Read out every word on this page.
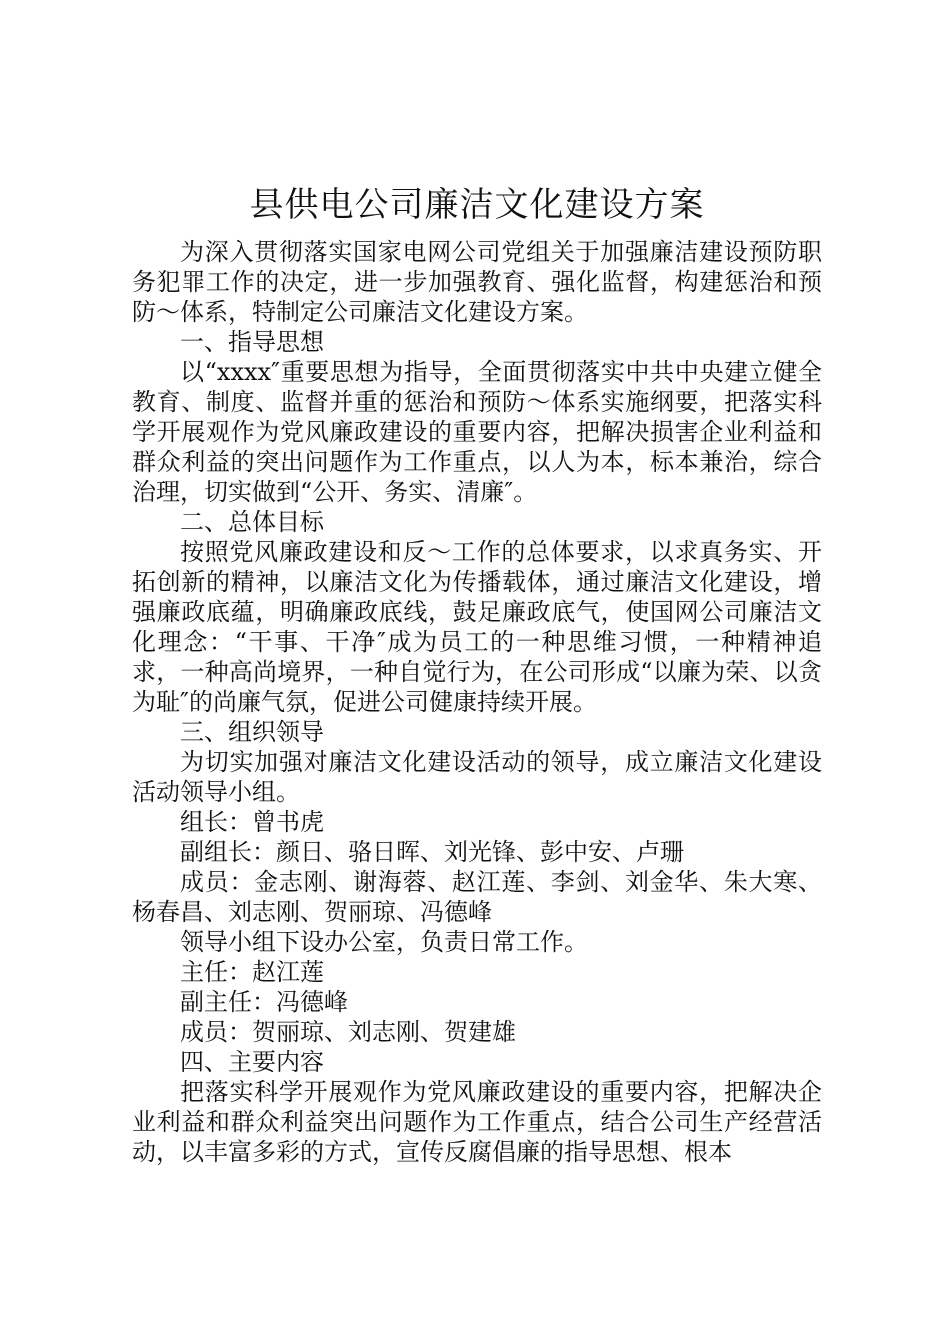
县供电公司廉洁文化建设方案

为深入贯彻落实国家电网公司党组关于加强廉洁建设预防职务犯罪工作的决定，进一步加强教育、强化监督，构建惩治和预防～体系，特制定公司廉洁文化建设方案。

一、指导思想

以“xxxx″重要思想为指导，全面贯彻落实中共中央建立健全教育、制度、监督并重的惩治和预防～体系实施纲要，把落实科学开展观作为党风廉政建设的重要内容，把解决损害企业利益和群众利益的突出问题作为工作重点，以人为本，标本兼治，综合治理，切实做到“公开、务实、清廉″。

二、总体目标

按照党风廉政建设和反～工作的总体要求，以求真务实、开拓创新的精神，以廉洁文化为传播载体，通过廉洁文化建设，增强廉政底蕴，明确廉政底线，鼓足廉政底气，使国网公司廉洁文化理念：“干事、干净″成为员工的一种思维习惯，一种精神追求，一种高尚境界，一种自觉行为，在公司形成“以廉为荣、以贪为耻″的尚廉气氛，促进公司健康持续开展。

三、组织领导

为切实加强对廉洁文化建设活动的领导，成立廉洁文化建设活动领导小组。

组长：曾书虎

副组长：颜日、骆日晖、刘光锋、彭中安、卢珊

成员：金志刚、谢海蓉、赵江莲、李剑、刘金华、朱大寒、杨春昌、刘志刚、贺丽琼、冯德峰

领导小组下设办公室，负责日常工作。

主任：赵江莲

副主任：冯德峰

成员：贺丽琼、刘志刚、贺建雄

四、主要内容

把落实科学开展观作为党风廉政建设的重要内容，把解决企业利益和群众利益突出问题作为工作重点，结合公司生产经营活动，以丰富多彩的方式，宣传反腐倡廉的指导思想、根本
